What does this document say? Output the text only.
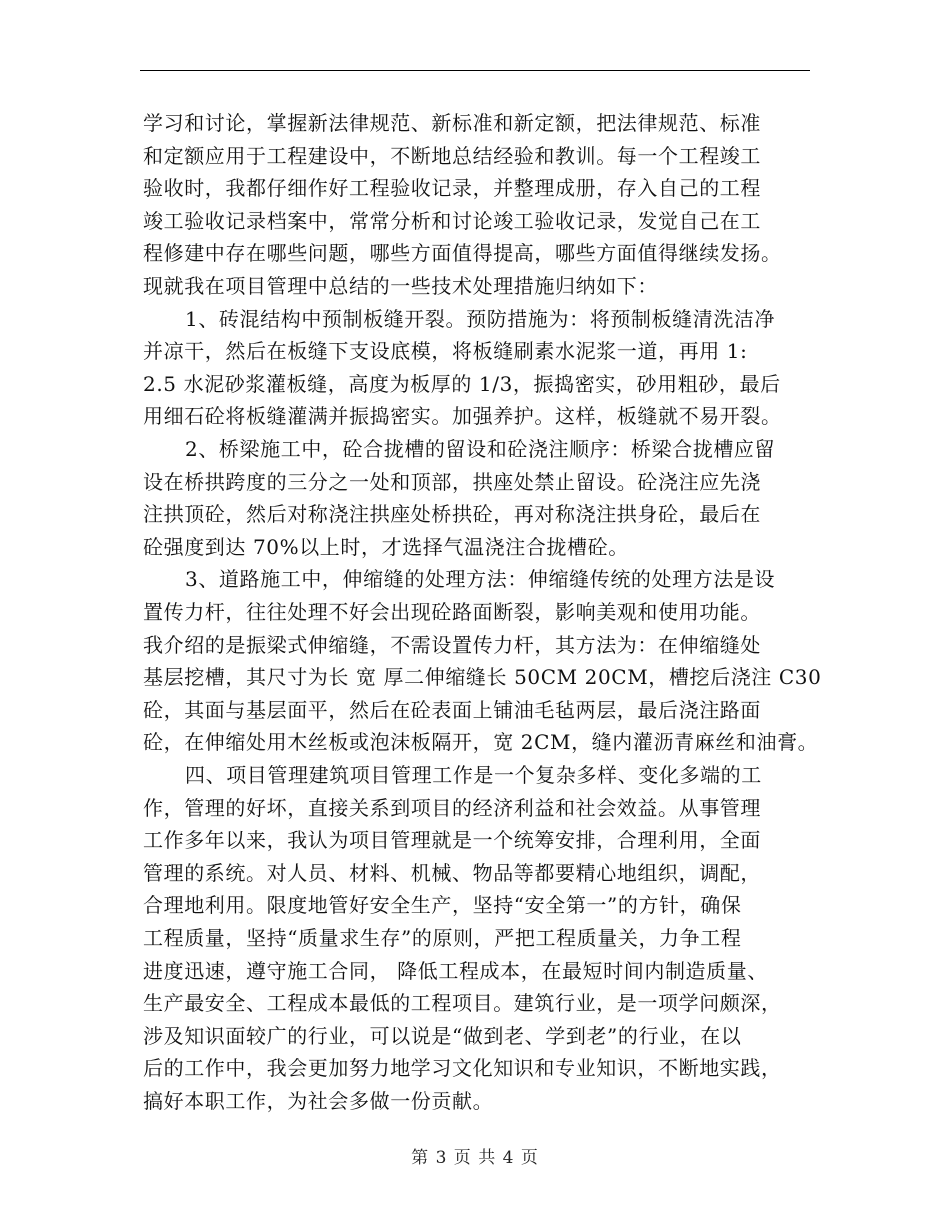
学习和讨论，掌握新法律规范、新标准和新定额，把法律规范、标准
和定额应用于工程建设中，不断地总结经验和教训。每一个工程竣工
验收时，我都仔细作好工程验收记录，并整理成册，存入自己的工程
竣工验收记录档案中，常常分析和讨论竣工验收记录，发觉自己在工
程修建中存在哪些问题，哪些方面值得提高，哪些方面值得继续发扬。
现就我在项目管理中总结的一些技术处理措施归纳如下：
1、砖混结构中预制板缝开裂。预防措施为：将预制板缝清洗洁净
并凉干，然后在板缝下支设底模，将板缝刷素水泥浆一道，再用 1:
2.5 水泥砂浆灌板缝，高度为板厚的 1/3，振捣密实，砂用粗砂，最后
用细石砼将板缝灌满并振捣密实。加强养护。这样，板缝就不易开裂。
2、桥梁施工中，砼合拢槽的留设和砼浇注顺序：桥梁合拢槽应留
设在桥拱跨度的三分之一处和顶部，拱座处禁止留设。砼浇注应先浇
注拱顶砼，然后对称浇注拱座处桥拱砼，再对称浇注拱身砼，最后在
砼强度到达 70%以上时，才选择气温浇注合拢槽砼。
3、道路施工中，伸缩缝的处理方法：伸缩缝传统的处理方法是设
置传力杆，往往处理不好会出现砼路面断裂，影响美观和使用功能。
我介绍的是振梁式伸缩缝，不需设置传力杆，其方法为：在伸缩缝处
基层挖槽，其尺寸为长 宽 厚二伸缩缝长 50CM 20CM，槽挖后浇注 C30
砼，其面与基层面平，然后在砼表面上铺油毛毡两层，最后浇注路面
砼，在伸缩处用木丝板或泡沫板隔开，宽 2CM，缝内灌沥青麻丝和油膏。
四、项目管理建筑项目管理工作是一个复杂多样、变化多端的工
作，管理的好坏，直接关系到项目的经济利益和社会效益。从事管理
工作多年以来，我认为项目管理就是一个统筹安排，合理利用，全面
管理的系统。对人员、材料、机械、物品等都要精心地组织，调配，
合理地利用。限度地管好安全生产，坚持“安全第一”的方针，确保
工程质量，坚持“质量求生存”的原则，严把工程质量关，力争工程
进度迅速，遵守施工合同， 降低工程成本，在最短时间内制造质量、
生产最安全、工程成本最低的工程项目。建筑行业，是一项学问颇深，
涉及知识面较广的行业，可以说是“做到老、学到老”的行业，在以
后的工作中，我会更加努力地学习文化知识和专业知识，不断地实践，
搞好本职工作，为社会多做一份贡献。
第 3 页 共 4 页
